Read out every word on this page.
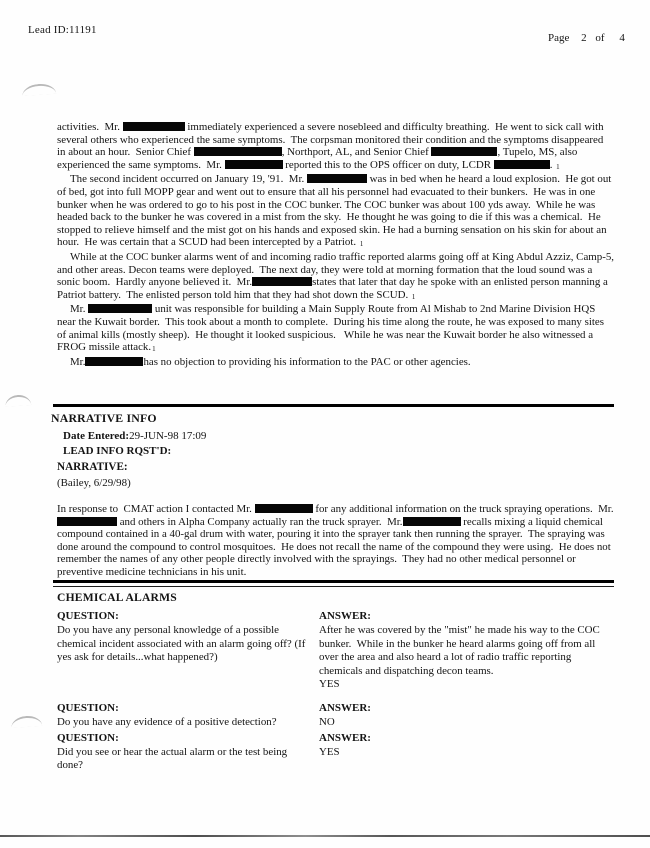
Lead ID:11191
Page 2 of 4

activities.  Mr.	immediately experienced a severe nosebleed and difficulty breathing.  He went to sick call with several others who experienced the same symptoms.  The corpsman monitored their condition and the symptoms disappeared in about an hour.  Senior Chief	, Northport, AL, and Senior Chief	, Tupelo, MS, also experienced the same symptoms.  Mr.	reported this to the OPS officer on duty, LCDR	. 1

The second incident occurred on January 19, '91.  Mr.	was in bed when he heard a loud explosion.  He got out of bed, got into full MOPP gear and went out to ensure that all his personnel had evacuated to their bunkers.  He was in one bunker when he was ordered to go to his post in the COC bunker. The COC bunker was about 100 yds away.  While he was headed back to the bunker he was covered in a mist from the sky.  He thought he was going to die if this was a chemical.  He stopped to relieve himself and the mist got on his hands and exposed skin. He had a burning sensation on his skin for about an hour.  He was certain that a SCUD had been intercepted by a Patriot. 1

While at the COC bunker alarms went of and incoming radio traffic reported alarms going off at King Abdul Azziz, Camp-5, and other areas. Decon teams were deployed.  The next day, they were told at morning formation that the loud sound was a sonic boom.  Hardly anyone believed it.  Mr.	states that later that day he spoke with an enlisted person manning a Patriot battery.  The enlisted person told him that they had shot down the SCUD. 1

Mr.	unit was responsible for building a Main Supply Route from Al Mishab to 2nd Marine Division HQS near the Kuwait border.  This took about a month to complete.  During his time along the route, he was exposed to many sites of animal kills (mostly sheep).  He thought it looked suspicious.   While he was near the Kuwait border he also witnessed a FROG missile attack.1

Mr.	has no objection to providing his information to the PAC or other agencies.

NARRATIVE INFO
Date Entered:29-JUN-98 17:09
LEAD INFO RQST'D:
NARRATIVE:
(Bailey, 6/29/98)
In response to  CMAT action I contacted Mr.	for any additional information on the truck spraying operations.  Mr.  and others in Alpha Company actually ran the truck sprayer.  Mr.	recalls mixing a liquid chemical compound contained in a 40-gal drum with water, pouring it into the sprayer tank then running the sprayer.  The spraying was done around the compound to control mosquitoes.  He does not recall the name of the compound they were using.  He does not remember the names of any other people directly involved with the sprayings.  They had no other medical personnel or preventive medicine technicians in his unit.
CHEMICAL ALARMS
QUESTION:
Do you have any personal knowledge of a possible chemical incident associated with an alarm going off? (If yes ask for details...what happened?)
ANSWER:
After he was covered by the "mist" he made his way to the COC bunker.  While in the bunker he heard alarms going off from all over the area and also heard a lot of radio traffic reporting chemicals and dispatching decon teams.
YES
QUESTION:
Do you have any evidence of a positive detection?
ANSWER:
NO
QUESTION:
Did you see or hear the actual alarm or the test being done?
ANSWER:
YES
